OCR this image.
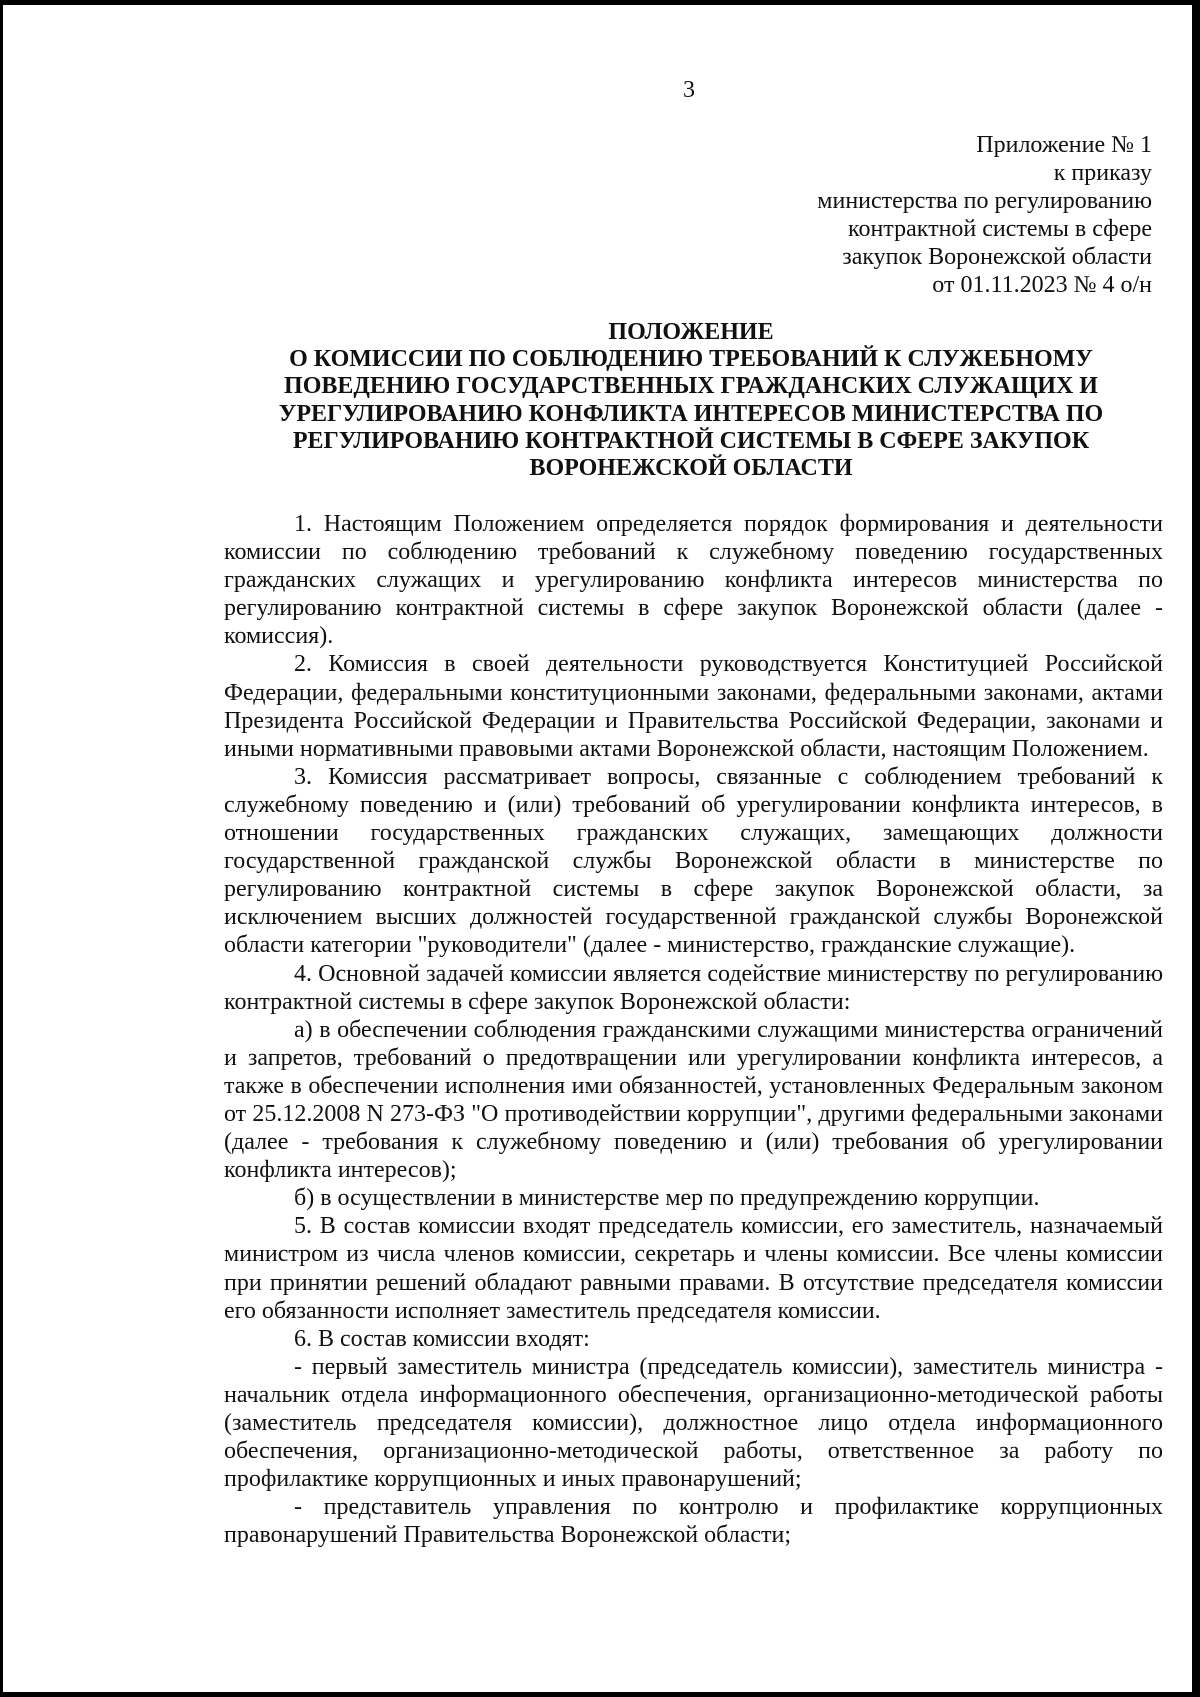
3
Приложение № 1
к приказу
министерства по регулированию
контрактной системы в сфере
закупок Воронежской области
от 01.11.2023 № 4 о/н
ПОЛОЖЕНИЕ
О КОМИССИИ ПО СОБЛЮДЕНИЮ ТРЕБОВАНИЙ К СЛУЖЕБНОМУ
ПОВЕДЕНИЮ ГОСУДАРСТВЕННЫХ ГРАЖДАНСКИХ СЛУЖАЩИХ И
УРЕГУЛИРОВАНИЮ КОНФЛИКТА ИНТЕРЕСОВ МИНИСТЕРСТВА ПО
РЕГУЛИРОВАНИЮ КОНТРАКТНОЙ СИСТЕМЫ В СФЕРЕ ЗАКУПОК
ВОРОНЕЖСКОЙ ОБЛАСТИ

1. Настоящим Положением определяется порядок формирования и деятельности комиссии по соблюдению требований к служебному поведению государственных гражданских служащих и урегулированию конфликта интересов министерства по регулированию контрактной системы в сфере закупок Воронежской области (далее - комиссия).

2. Комиссия в своей деятельности руководствуется Конституцией Российской Федерации, федеральными конституционными законами, федеральными законами, актами Президента Российской Федерации и Правительства Российской Федерации, законами и иными нормативными правовыми актами Воронежской области, настоящим Положением.

3. Комиссия рассматривает вопросы, связанные с соблюдением требований к служебному поведению и (или) требований об урегулировании конфликта интересов, в отношении государственных гражданских служащих, замещающих должности государственной гражданской службы Воронежской области в министерстве по регулированию контрактной системы в сфере закупок Воронежской области, за исключением высших должностей государственной гражданской службы Воронежской области категории "руководители" (далее - министерство, гражданские служащие).

4. Основной задачей комиссии является содействие министерству по регулированию контрактной системы в сфере закупок Воронежской области:

а) в обеспечении соблюдения гражданскими служащими министерства ограничений и запретов, требований о предотвращении или урегулировании конфликта интересов, а также в обеспечении исполнения ими обязанностей, установленных Федеральным законом от 25.12.2008 N 273-ФЗ "О противодействии коррупции", другими федеральными законами (далее - требования к служебному поведению и (или) требования об урегулировании конфликта интересов);

б) в осуществлении в министерстве мер по предупреждению коррупции.

5. В состав комиссии входят председатель комиссии, его заместитель, назначаемый министром из числа членов комиссии, секретарь и члены комиссии. Все члены комиссии при принятии решений обладают равными правами. В отсутствие председателя комиссии его обязанности исполняет заместитель председателя комиссии.

6. В состав комиссии входят:

- первый заместитель министра (председатель комиссии), заместитель министра - начальник отдела информационного обеспечения, организационно-методической работы (заместитель председателя комиссии), должностное лицо отдела информационного обеспечения, организационно-методической работы, ответственное за работу по профилактике коррупционных и иных правонарушений;

- представитель управления по контролю и профилактике коррупционных правонарушений Правительства Воронежской области;
